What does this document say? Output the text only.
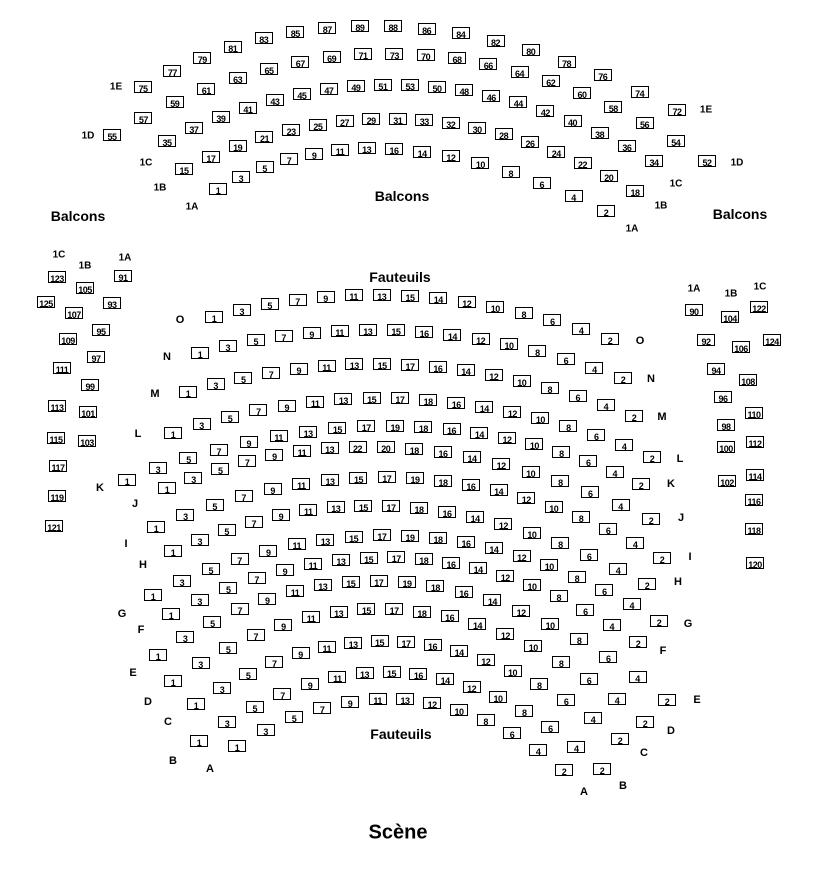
Balcons
Balcons
Balcons
Fauteuils
Fauteuils
Scène
75
77
79
81
83
85	87	89	88	86	84
82
80
78
76
74
72
1E
1E
55
57
59
61
63
65
67 69 71 73 70 68
66
64
62
60
58
56
54
52
1D
1D
35
37
39
41
43
45 47 49 51 53 50 48
46
44
42
40
38
36
34
1C
1C
15
17
19
21
23
25 27 29 31 33 32 30
28
26
24
22
20
18
1B
1B
1
3
5
7
9 11 13 16 14 12
10
8
6
4
2
1A
1A
1
3
5	7	9 11 13 15 14 12 10
8
6
4
2
O
O
1
3
5	7	9 11 13 15 16 14 12
10
8
6
4
2
N
N
1
3
5
7	9 11 13 15 17 16 14 12
10
8
6
4
2
M
M
1
3
5
7	9 11 13 15 17 18 16 14
12
10
8
6
4
2
L
L
1
3
5
7
9
11 13 15 17 19 18 16 14
12
10
8
6
4
2
K	K
1
3
5
7
9 11 13 22 20 18 16 14
12
10
8
6
4
2
J
J
1
3
5
7
9
11 13 15 17 19 18 16
14
12
10
8
6
4
2
I
I
1
3
5
7
9 11 13 15 17 18 16
14
12
10
8
6
4
2
H
H
1
3
5
7
9
11 13 15 17 19 18 16
14
12
10
8
6
4
2
G
G
1
3
5
7
9
11 13 15 17 18 16
14
12
10
8
6
4
2
F
F
1
3
5
7
9
11
13 15 17 19 18
16
14
12
10
8
6
4
2
E
E
1
3
5
7
9
11
13 15 17 18 16
14
12
10
8
6
4
2
D
D
1
3
5
7
9
11 13 15 17 16
14
12
10
8
6
4
2
C
C
1
3
5
7
9
11 13 15 16 14
12
10
8
6
4
2
B
B
1
3
5
7
9 11 13 12
10
8
6
4
2
A
A
1C
1B
1A
123
105
91
125
107
93
109
95
97
111
99
113
101
115 103
117
119
121
1A 1B
1C
90
104
122
92
106
124
94
108
96
110
98
112
100
114
102
116
118
120
